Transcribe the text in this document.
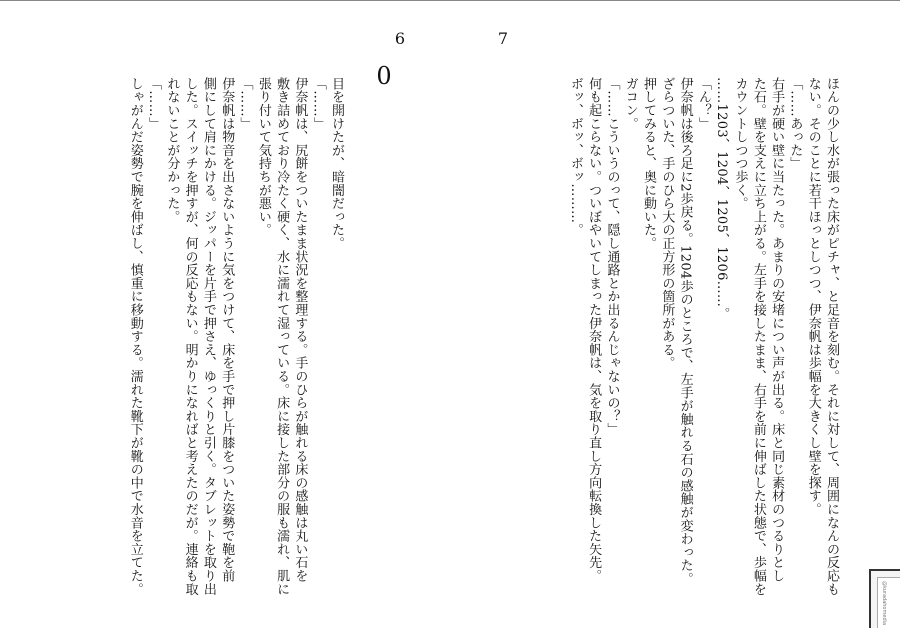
6	7
0
ほんの少し水が張った床がピチャ、と足音を刻む。それに対して、周囲になんの反応も
ない。そのことに若干ほっとしつつ、伊奈帆は歩幅を大きくし壁を探す。
「……あった」
右手が硬い壁に当たった。あまりの安堵につい声が出る。床と同じ素材のつるりとし
た石。壁を支えに立ち上がる。左手を接したまま、右手を前に伸ばした状態で、歩幅を
カウントしつつ歩く。
……1203、1204、1205、1206……。
「ん？」
伊奈帆は後ろ足に2歩戻る。1204歩のところで、左手が触れる石の感触が変わった。
ざらついた、手のひら大の正方形の箇所がある。
押してみると、奥に動いた。
ガコン。
「……こういうのって、隠し通路とか出るんじゃないの？」
何も起こらない。ついぼやいてしまった伊奈帆は、気を取り直し方向転換した矢先。
ボッ、ボッ、ボッ………。
目を開けたが、暗闇だった。
「……」
伊奈帆は、尻餅をついたまま状況を整理する。手のひらが触れる床の感触は丸い石を
敷き詰めており冷たく硬く、水に濡れて湿っている。床に接した部分の服も濡れ、肌に
張り付いて気持ちが悪い。
「……」
伊奈帆は物音を出さないように気をつけて、床を手で押し片膝をついた姿勢で鞄を前
側にして肩にかける。ジッパーを片手で押さえ、ゆっくりと引く。タブレットを取り出
した。スイッチを押すが、何の反応もない。明かりになればと考えたのだが。連絡も取
れないことが分かった。
「……」
しゃがんだ姿勢で腕を伸ばし、慎重に移動する。濡れた靴下が靴の中で水音を立てた。
@kuradahomedia
